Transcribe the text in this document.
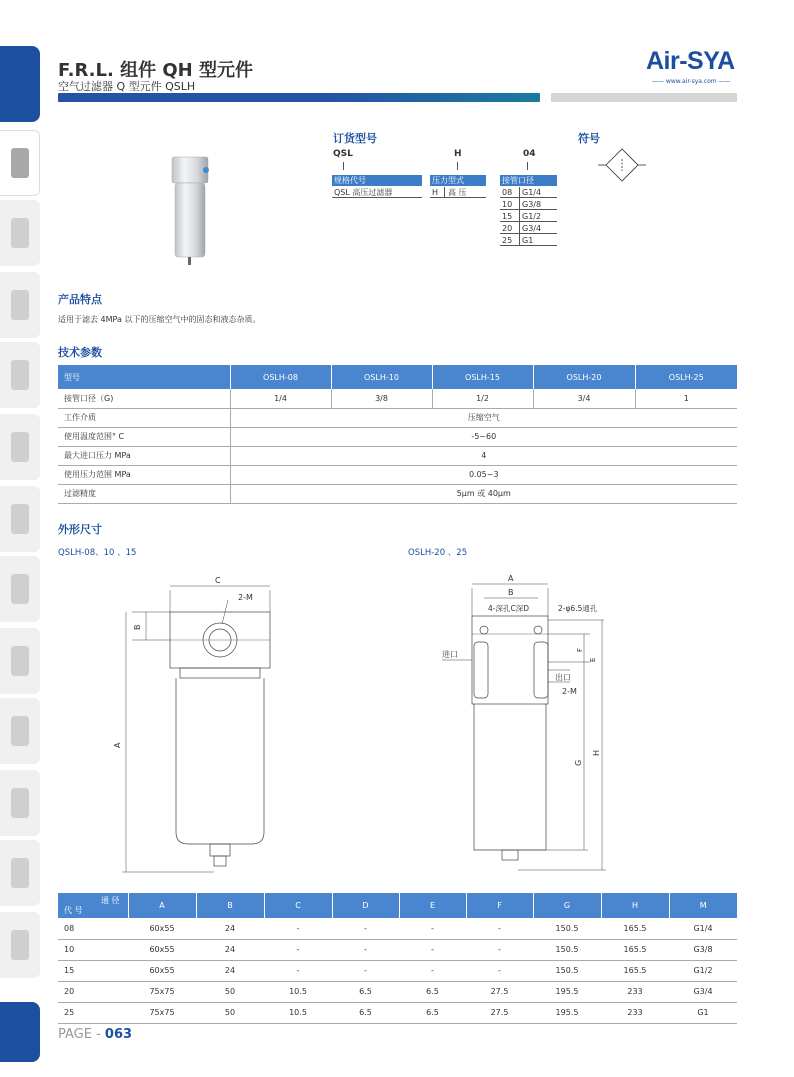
F.R.L. 组件 QH 型元件
空气过滤器 Q 型元件 QSLH
Air-SYA
—— www.air-sya.com ——
订货型号
QSL	H	04
规格代号
QSL 高压过滤器
压力型式
H	高 压
接管口径
08	G1/4
10	G3/8
15	G1/2
20	G3/4
25	G1
符号
产品特点
适用于滤去 4MPa 以下的压缩空气中的固态和液态杂质。
技术参数
型号	OSLH-08	OSLH-10	OSLH-15	OSLH-20	OSLH-25
接管口径（G)	1/4	3/8	1/2	3/4	1
工作介质	压缩空气				
使用温度范围° C	-5~60				
最大进口压力 MPa	4				
使用压力范围 MPa	0.05~3				
过滤精度	5μm 或 40μm				
外形尺寸
QSLH-08、10 、15	OSLH-20 、25
C
2-M
B
A
A
B
4-深孔C深D	2-φ6.5通孔
进口
出口
2-M
F
E
G
H
通 径
代 号	A	B	C	D	E	F	G	H	M
08	60x55	24	-	-	-	-	150.5	165.5	G1/4
10	60x55	24	-	-	-	-	150.5	165.5	G3/8
15	60x55	24	-	-	-	-	150.5	165.5	G1/2
20	75x75	50	10.5	6.5	6.5	27.5	195.5	233	G3/4
25	75x75	50	10.5	6.5	6.5	27.5	195.5	233	G1
PAGE - 063
